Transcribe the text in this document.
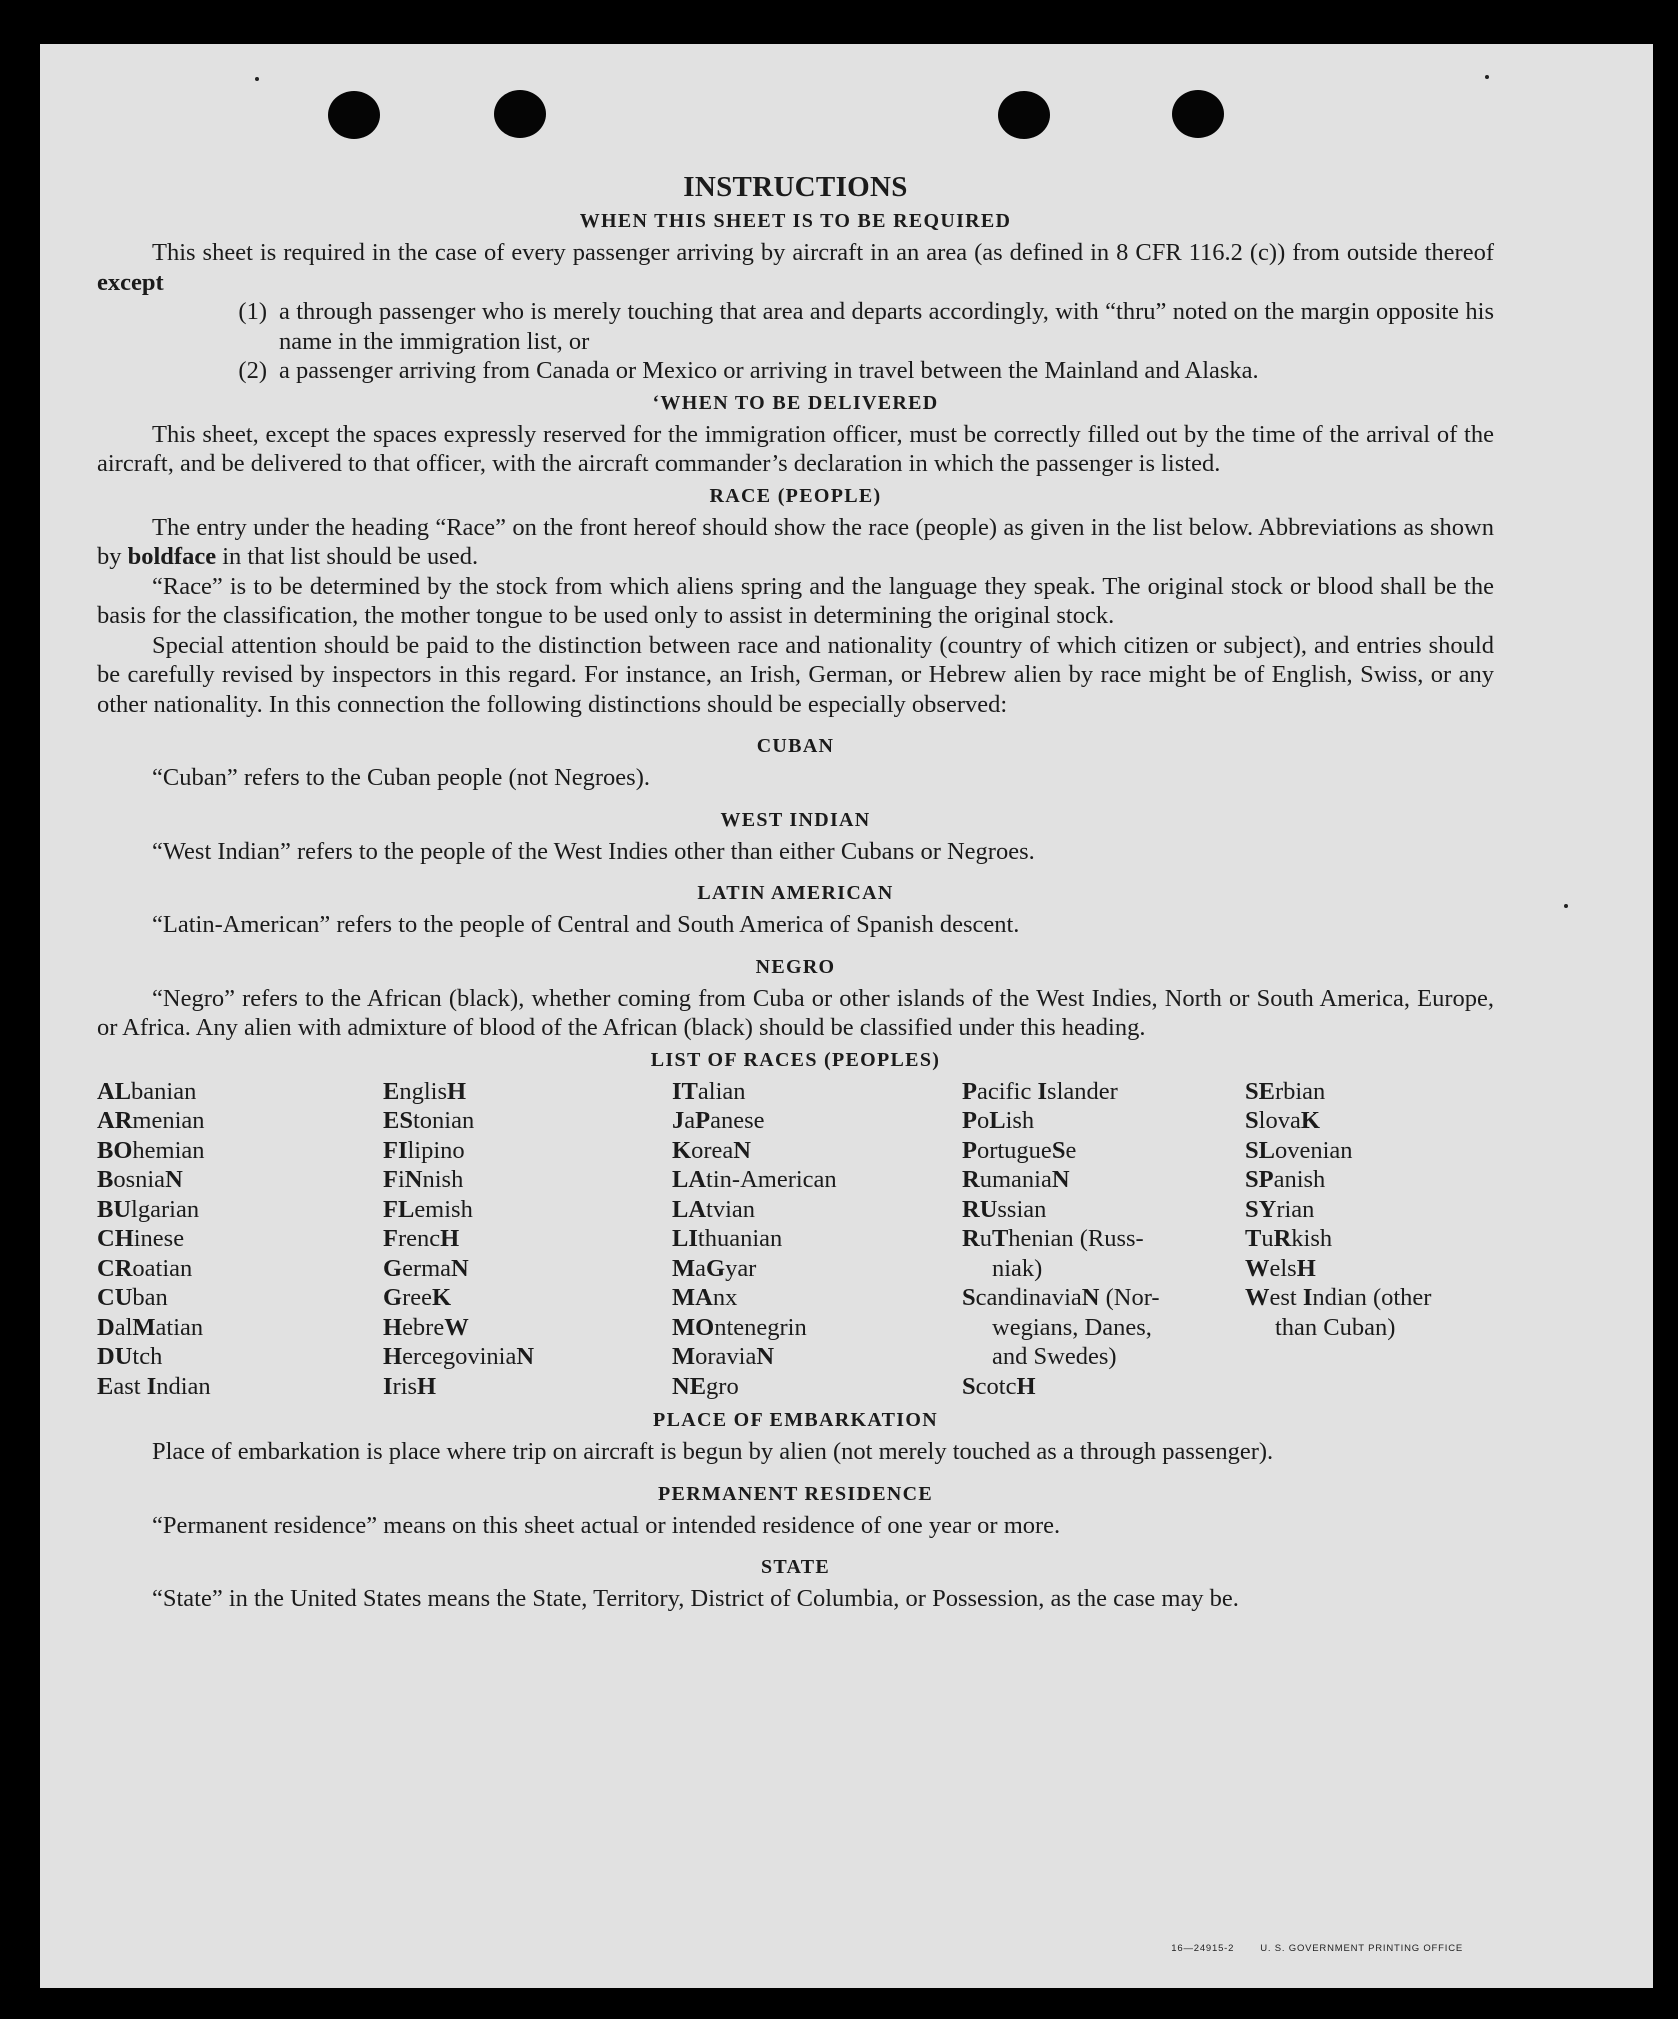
INSTRUCTIONS
WHEN THIS SHEET IS TO BE REQUIRED

This sheet is required in the case of every passenger arriving by aircraft in an area (as defined in 8 CFR 116.2 (c)) from outside thereof except

(1) a through passenger who is merely touching that area and departs accordingly, with “thru” noted on the margin opposite his name in the immigration list, or
(2) a passenger arriving from Canada or Mexico or arriving in travel between the Mainland and Alaska.
‘WHEN TO BE DELIVERED

This sheet, except the spaces expressly reserved for the immigration officer, must be correctly filled out by the time of the arrival of the aircraft, and be delivered to that officer, with the aircraft commander’s declaration in which the passenger is listed.

RACE (PEOPLE)

The entry under the heading “Race” on the front hereof should show the race (people) as given in the list below. Abbreviations as shown by boldface in that list should be used.

“Race” is to be determined by the stock from which aliens spring and the language they speak. The original stock or blood shall be the basis for the classification, the mother tongue to be used only to assist in determining the original stock.

Special attention should be paid to the distinction between race and nationality (country of which citizen or subject), and entries should be carefully revised by inspectors in this regard. For instance, an Irish, German, or Hebrew alien by race might be of English, Swiss, or any other nationality. In this connection the following distinctions should be especially observed:

CUBAN

“Cuban” refers to the Cuban people (not Negroes).

WEST INDIAN

“West Indian” refers to the people of the West Indies other than either Cubans or Negroes.

LATIN AMERICAN

“Latin-American” refers to the people of Central and South America of Spanish descent.

NEGRO

“Negro” refers to the African (black), whether coming from Cuba or other islands of the West Indies, North or South America, Europe, or Africa. Any alien with admixture of blood of the African (black) should be classified under this heading.

LIST OF RACES (PEOPLES)
ALbanian
ARmenian
BOhemian
BosniaN
BUlgarian
CHinese
CRoatian
CUban
DalMatian
DUtch
East Indian
EnglisH
EStonian
FIlipino
FiNnish
FLemish
FrencH
GermaN
GreeK
HebreW
HercegoviniaN
IrisH
ITalian
JaPanese
KoreaN
LAtin-American
LAtvian
LIthuanian
MaGyar
MAnx
MOntenegrin
MoraviaN
NEgro
Pacific Islander
PoLish
PortugueSe
RumaniaN
RUssian
RuThenian (Russ-
niak)
ScandinaviaN (Nor-
wegians, Danes,
and Swedes)
ScotcH
SErbian
SlovaK
SLovenian
SPanish
SYrian
TuRkish
WelsH
West Indian (other
than Cuban)
PLACE OF EMBARKATION

Place of embarkation is place where trip on aircraft is begun by alien (not merely touched as a through passenger).

PERMANENT RESIDENCE

“Permanent residence” means on this sheet actual or intended residence of one year or more.

STATE

“State” in the United States means the State, Territory, District of Columbia, or Possession, as the case may be.

16—24915-2	U. S. GOVERNMENT PRINTING OFFICE
